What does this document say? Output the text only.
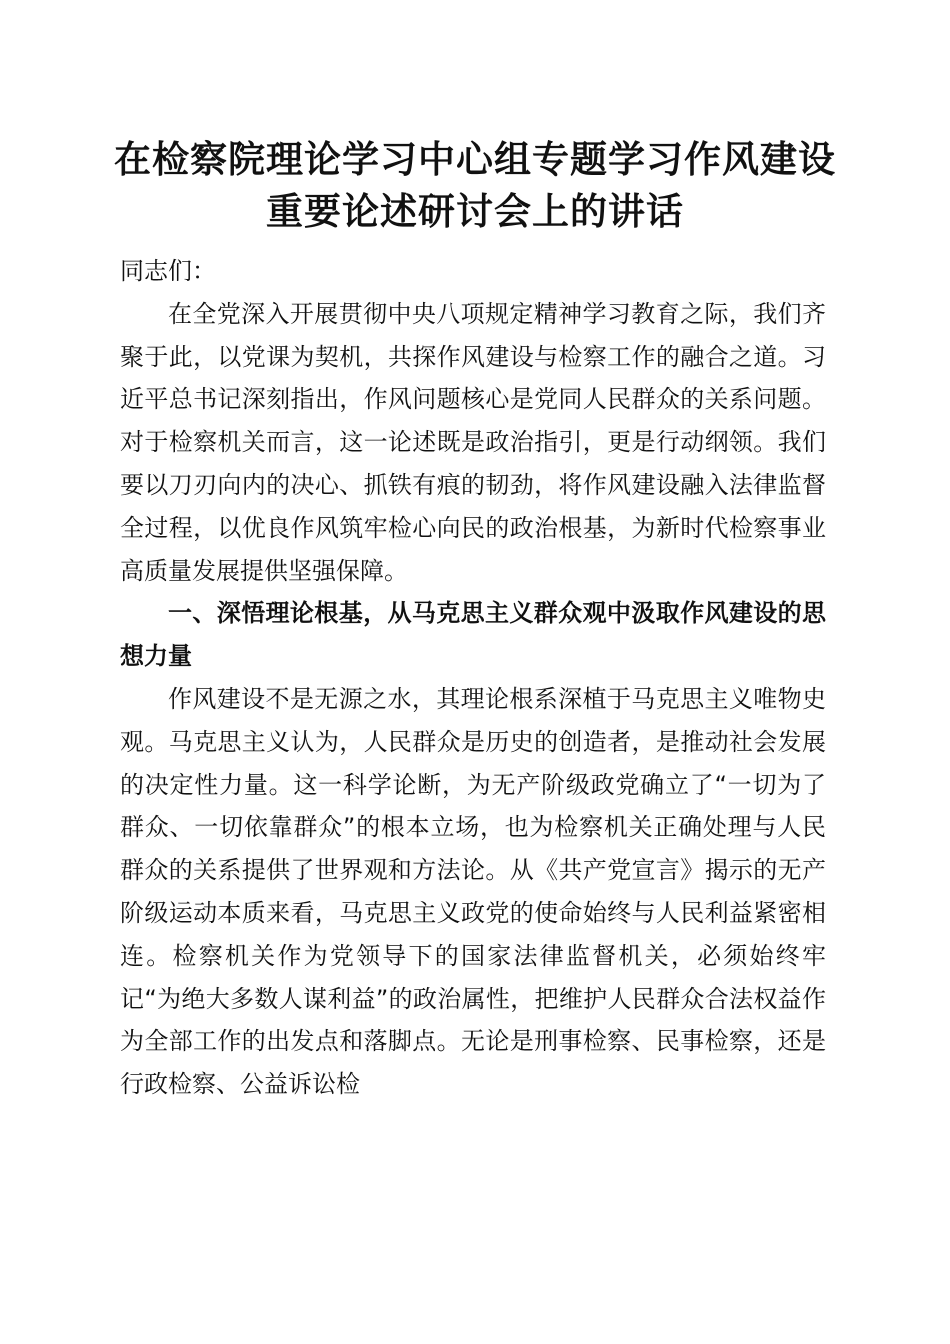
在检察院理论学习中心组专题学习作风建设重要论述研讨会上的讲话

同志们：

在全党深入开展贯彻中央八项规定精神学习教育之际，我们齐聚于此，以党课为契机，共探作风建设与检察工作的融合之道。习近平总书记深刻指出，作风问题核心是党同人民群众的关系问题。对于检察机关而言，这一论述既是政治指引，更是行动纲领。我们要以刀刃向内的决心、抓铁有痕的韧劲，将作风建设融入法律监督全过程，以优良作风筑牢检心向民的政治根基，为新时代检察事业高质量发展提供坚强保障。

一、深悟理论根基，从马克思主义群众观中汲取作风建设的思想力量

作风建设不是无源之水，其理论根系深植于马克思主义唯物史观。马克思主义认为，人民群众是历史的创造者，是推动社会发展的决定性力量。这一科学论断，为无产阶级政党确立了“一切为了群众、一切依靠群众”的根本立场，也为检察机关正确处理与人民群众的关系提供了世界观和方法论。从《共产党宣言》揭示的无产阶级运动本质来看，马克思主义政党的使命始终与人民利益紧密相连。检察机关作为党领导下的国家法律监督机关，必须始终牢记“为绝大多数人谋利益”的政治属性，把维护人民群众合法权益作为全部工作的出发点和落脚点。无论是刑事检察、民事检察，还是行政检察、公益诉讼检
